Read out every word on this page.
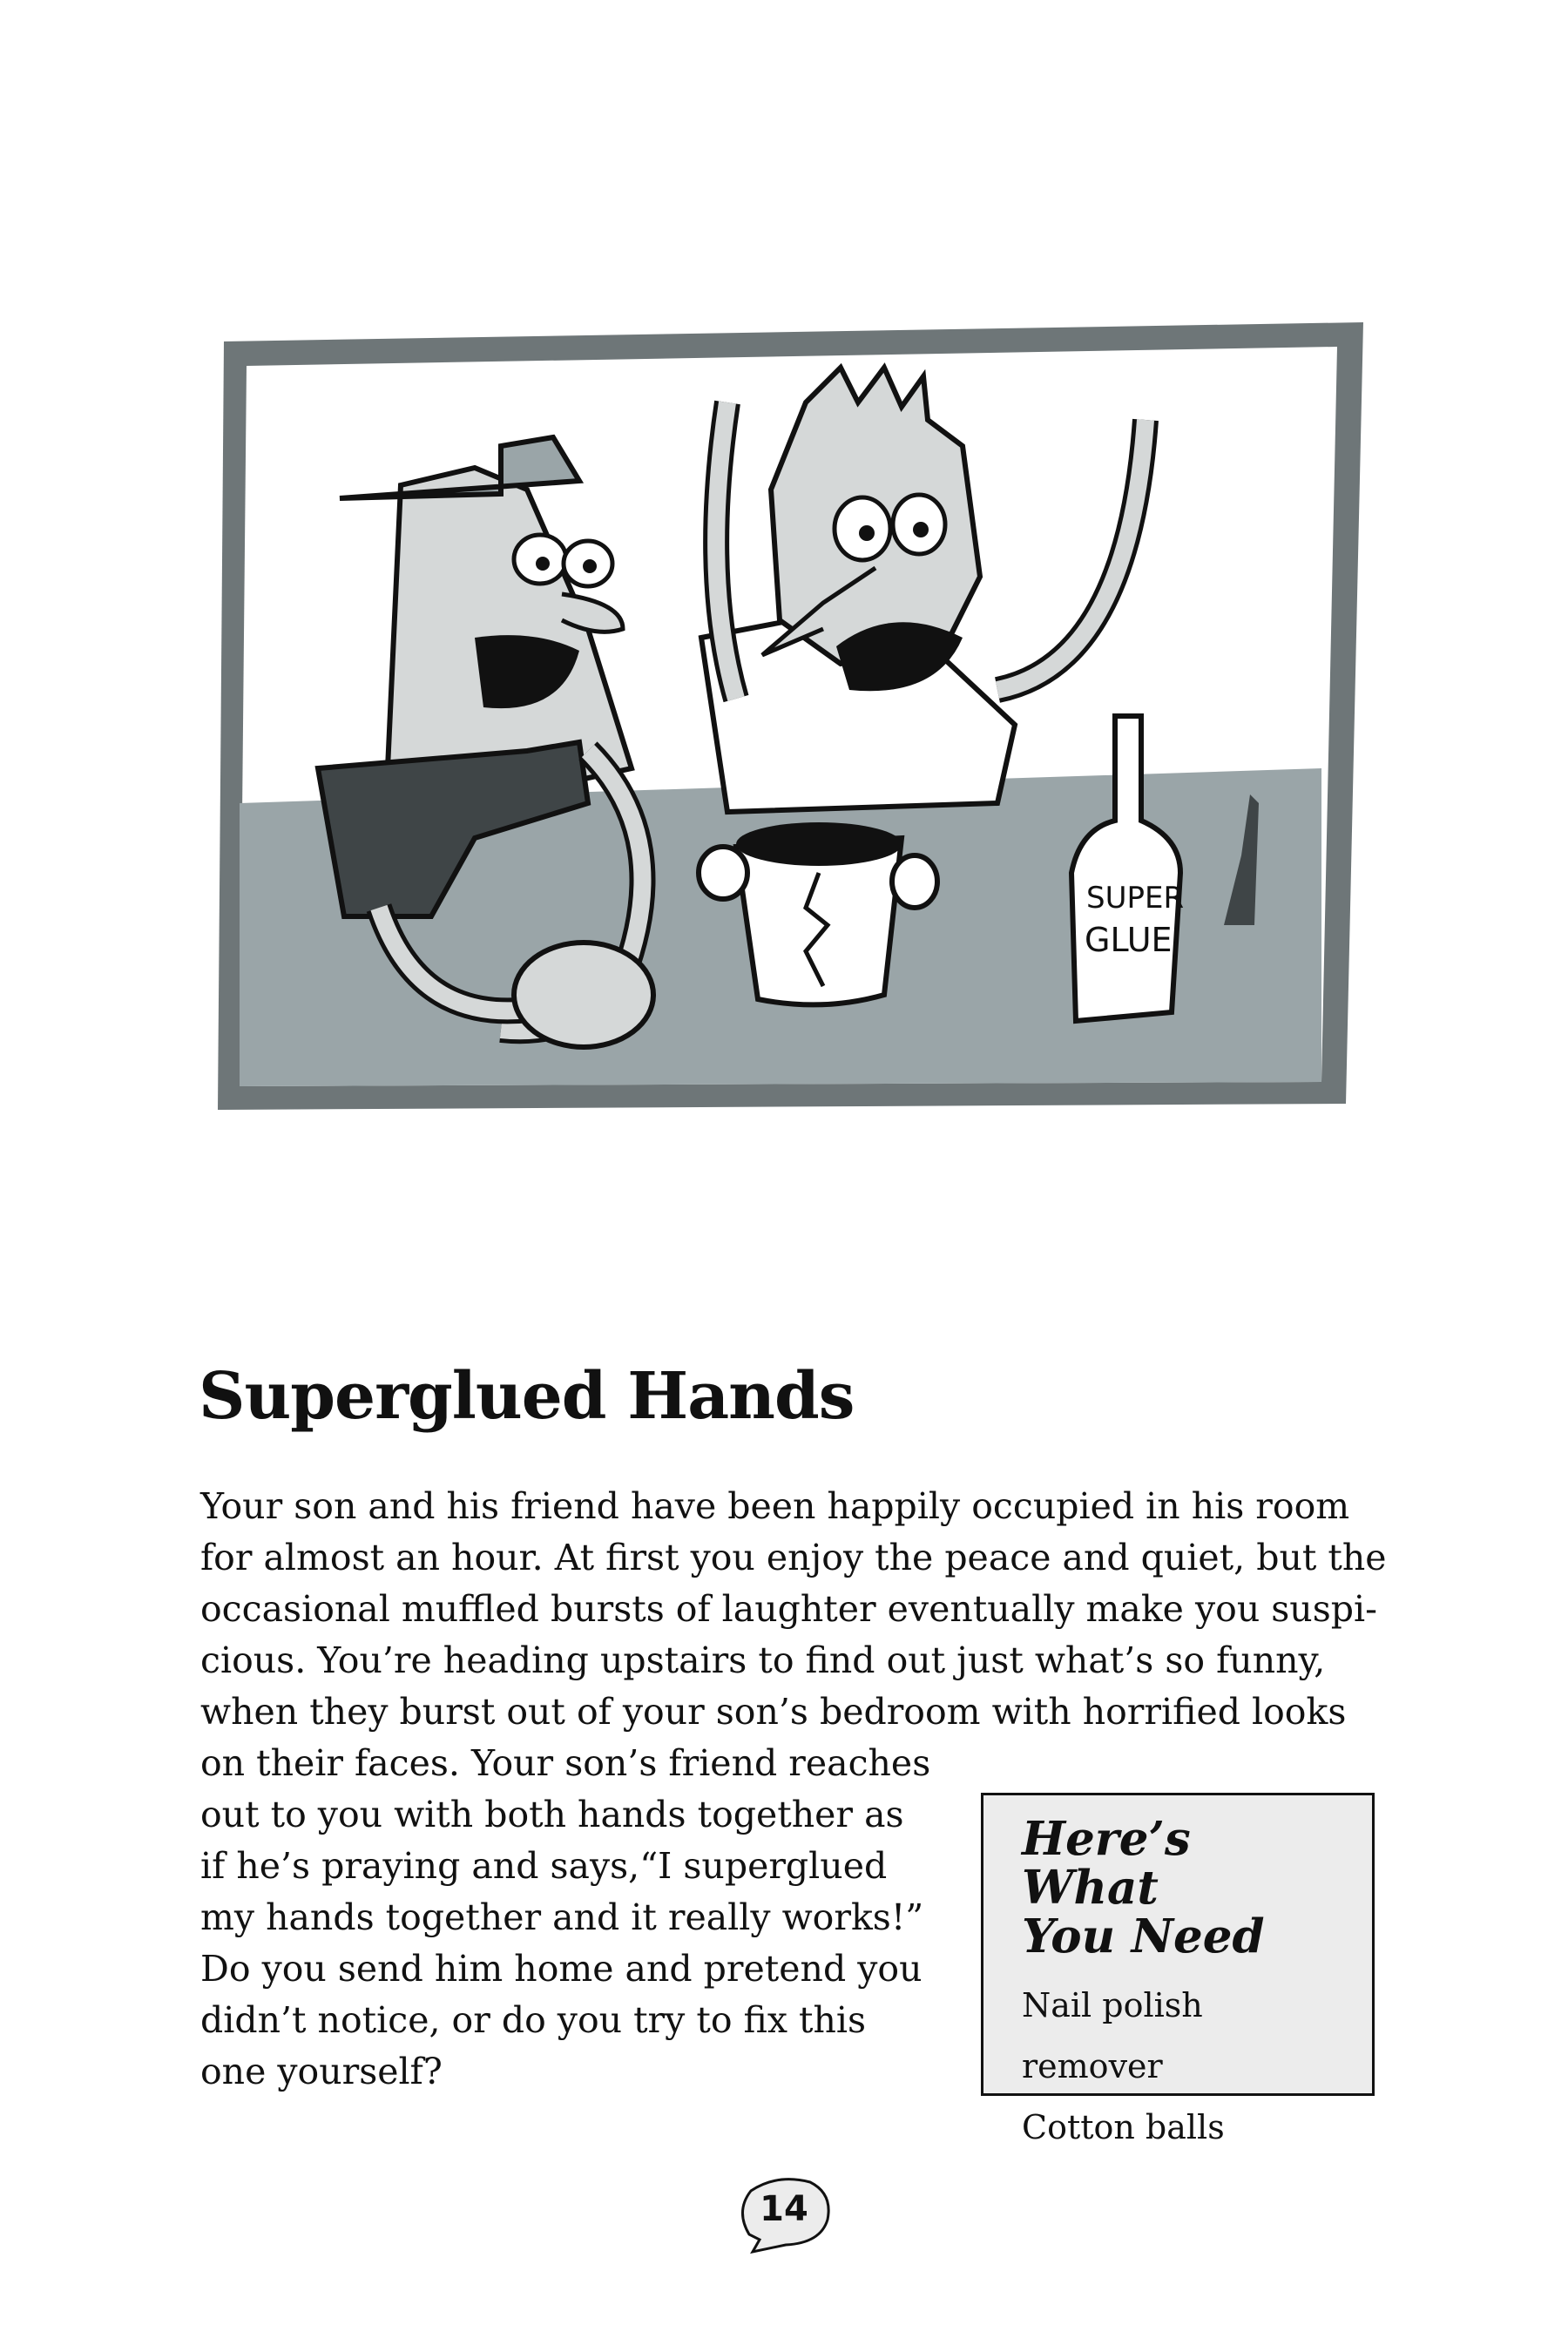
SUPER
GLUE
Superglued Hands
Your son and his friend have been happily occupied in his room
for almost an hour. At first you enjoy the peace and quiet, but the
occasional muffled bursts of laughter eventually make you suspi-
cious. You’re heading upstairs to find out just what’s so funny,
when they burst out of your son’s bedroom with horrified looks
on their faces. Your son’s friend reaches
out to you with both hands together as
if he’s praying and says,“I superglued
my hands together and it really works!”
Do you send him home and pretend you
didn’t notice, or do you try to fix this
one yourself?
Here’s What
You Need
Nail polish remover
Cotton balls
14
